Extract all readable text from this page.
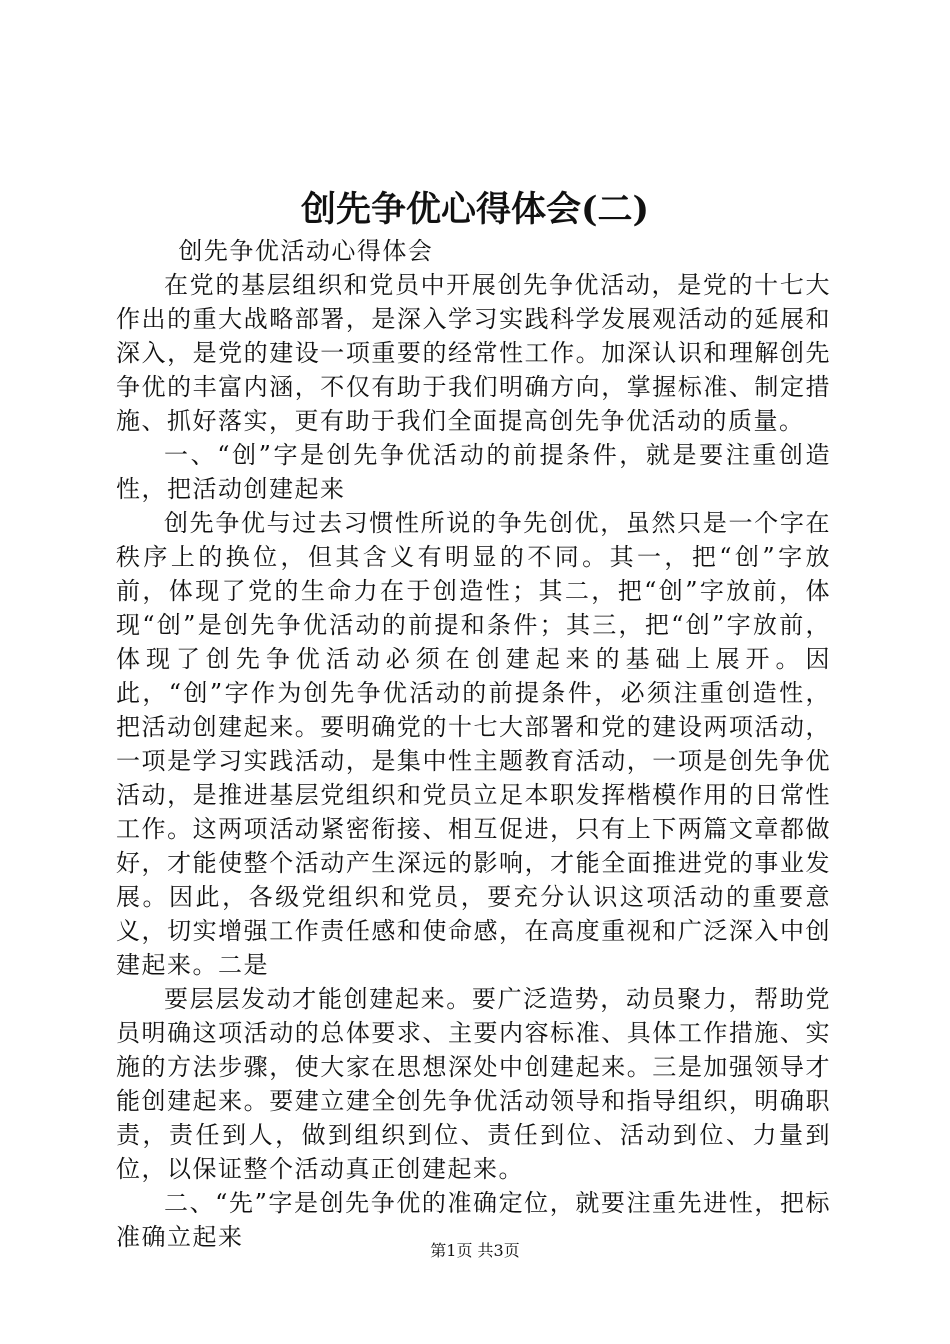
创先争优心得体会(二)

创先争优活动心得体会

在党的基层组织和党员中开展创先争优活动，是党的十七大作出的重大战略部署，是深入学习实践科学发展观活动的延展和深入，是党的建设一项重要的经常性工作。加深认识和理解创先争优的丰富内涵，不仅有助于我们明确方向，掌握标准、制定措施、抓好落实，更有助于我们全面提高创先争优活动的质量。

一、“创”字是创先争优活动的前提条件，就是要注重创造性，把活动创建起来

创先争优与过去习惯性所说的争先创优，虽然只是一个字在秩序上的换位，但其含义有明显的不同。其一，把“创”字放前，体现了党的生命力在于创造性；其二，把“创”字放前，体现“创”是创先争优活动的前提和条件；其三，把“创”字放前，体现了创先争优活动必须在创建起来的基础上展开。因此，“创”字作为创先争优活动的前提条件，必须注重创造性，把活动创建起来。要明确党的十七大部署和党的建设两项活动，一项是学习实践活动，是集中性主题教育活动，一项是创先争优活动，是推进基层党组织和党员立足本职发挥楷模作用的日常性工作。这两项活动紧密衔接、相互促进，只有上下两篇文章都做好，才能使整个活动产生深远的影响，才能全面推进党的事业发展。因此，各级党组织和党员，要充分认识这项活动的重要意义，切实增强工作责任感和使命感，在高度重视和广泛深入中创建起来。二是

要层层发动才能创建起来。要广泛造势，动员聚力，帮助党员明确这项活动的总体要求、主要内容标准、具体工作措施、实施的方法步骤，使大家在思想深处中创建起来。三是加强领导才能创建起来。要建立建全创先争优活动领导和指导组织，明确职责，责任到人，做到组织到位、责任到位、活动到位、力量到位，以保证整个活动真正创建起来。

二、“先”字是创先争优的准确定位，就要注重先进性，把标准确立起来	第1页 共3页
